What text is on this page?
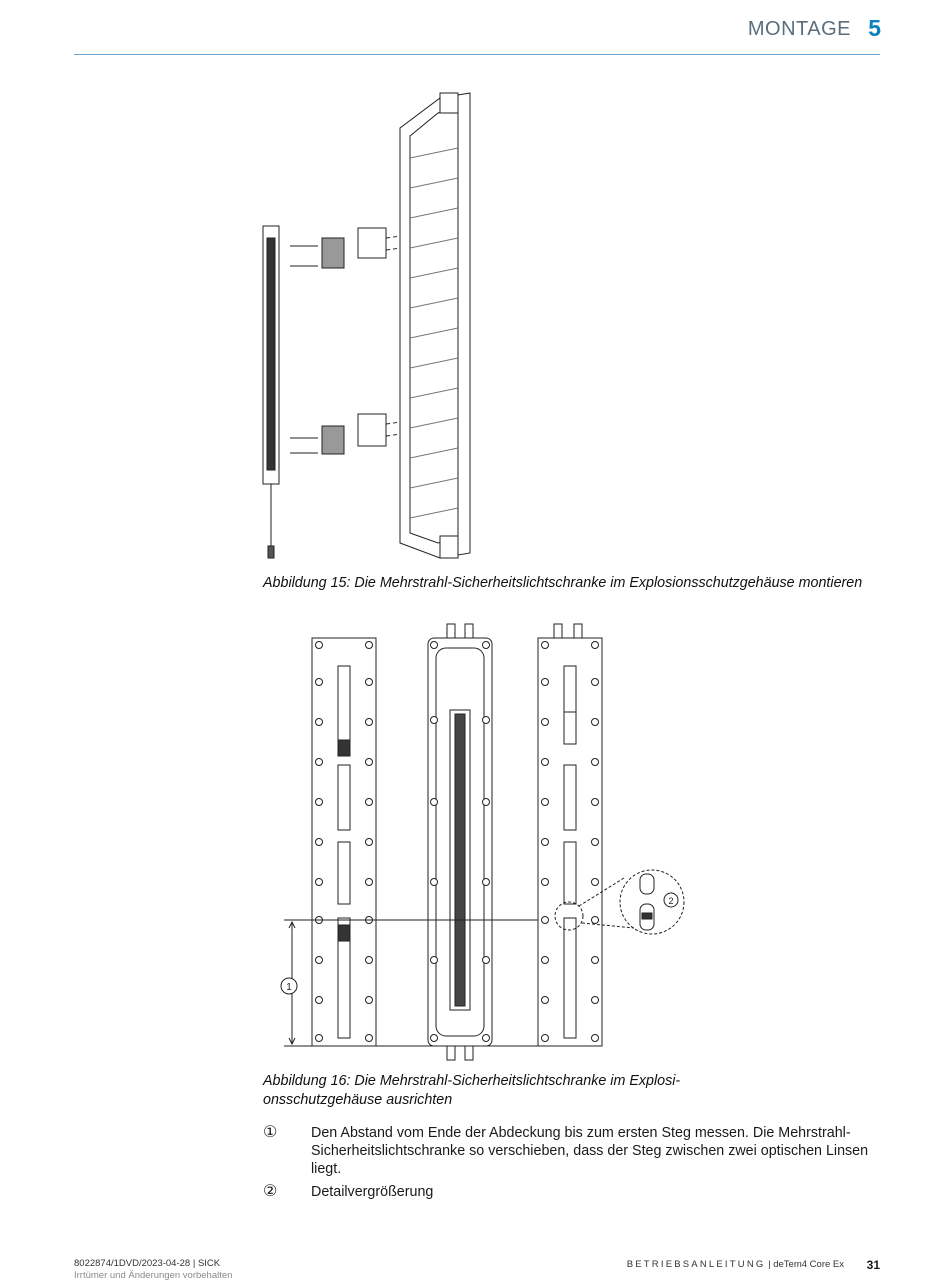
MONTAGE 5
Abbildung 15: Die Mehrstrahl-Sicherheitslichtschranke im Explosionsschutzgehäuse montieren
1
2
Abbildung 16: Die Mehrstrahl-Sicherheitslichtschranke im Explosi-
onsschutzgehäuse ausrichten
①	Den Abstand vom Ende der Abdeckung bis zum ersten Steg messen. Die Mehrstrahl-Sicherheitslichtschranke so verschieben, dass der Steg zwischen zwei optischen Linsen liegt.
②	Detailvergrößerung
8022874/1DVD/2023-04-28 | SICK
Irrtümer und Änderungen vorbehalten
BETRIEBSANLEITUNG | deTem4 Core Ex 31
